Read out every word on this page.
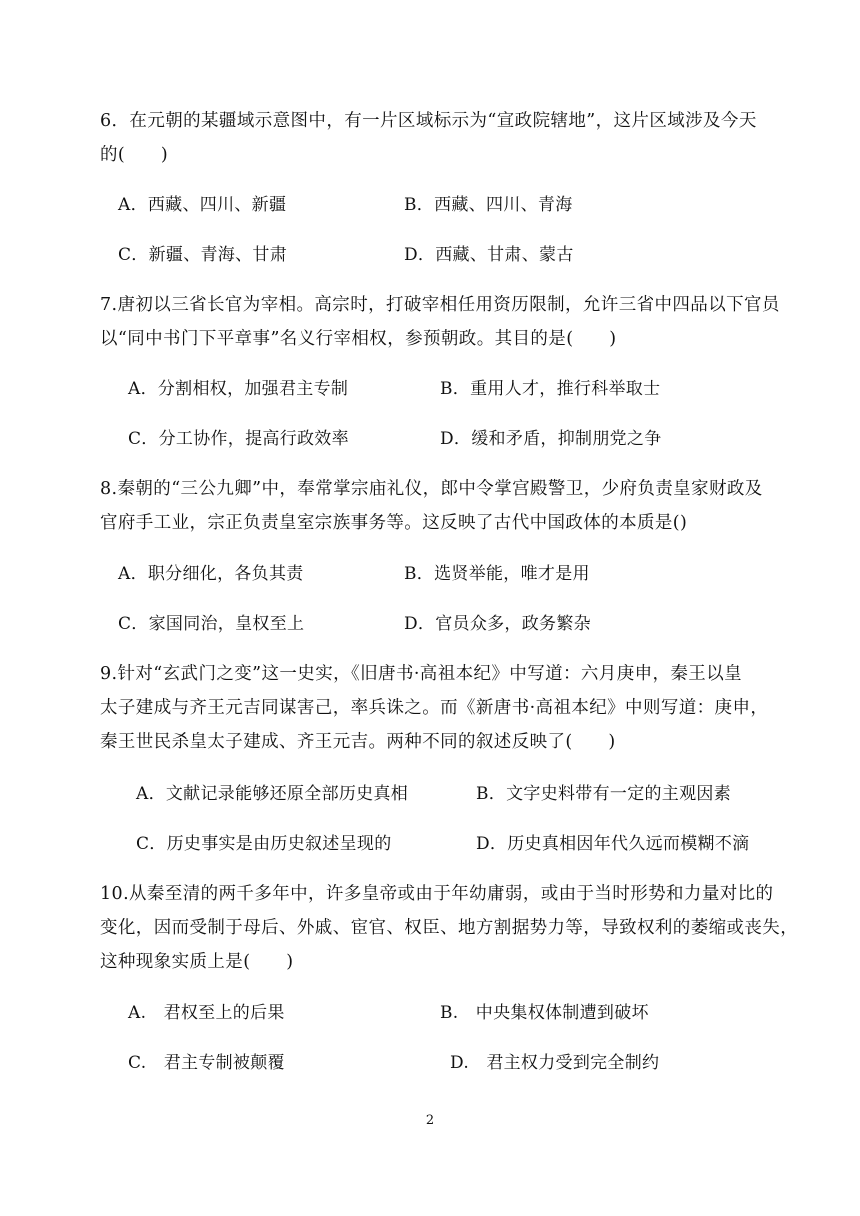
6．在元朝的某疆域示意图中，有一片区域标示为“宣政院辖地”，这片区域涉及今天
的(　　)
A．西藏、四川、新疆	B．西藏、四川、青海
C．新疆、青海、甘肃	D．西藏、甘肃、蒙古
7.唐初以三省长官为宰相。高宗时，打破宰相任用资历限制，允许三省中四品以下官员
以“同中书门下平章事”名义行宰相权，参预朝政。其目的是(　　)
A．分割相权，加强君主专制	B．重用人才，推行科举取士
C．分工协作，提高行政效率	D．缓和矛盾，抑制朋党之争
8.秦朝的“三公九卿”中，奉常掌宗庙礼仪，郎中令掌宫殿警卫，少府负责皇家财政及
官府手工业，宗正负责皇室宗族事务等。这反映了古代中国政体的本质是()
A．职分细化，各负其责	B．选贤举能，唯才是用
C．家国同治，皇权至上	D．官员众多，政务繁杂
9.针对“玄武门之变”这一史实，《旧唐书·高祖本纪》中写道：六月庚申，秦王以皇
太子建成与齐王元吉同谋害己，率兵诛之。而《新唐书·高祖本纪》中则写道：庚申，
秦王世民杀皇太子建成、齐王元吉。两种不同的叙述反映了(　　)
A．文献记录能够还原全部历史真相	B．文字史料带有一定的主观因素
C．历史事实是由历史叙述呈现的	D．历史真相因年代久远而模糊不滴
10.从秦至清的两千多年中，许多皇帝或由于年幼庸弱，或由于当时形势和力量对比的
变化，因而受制于母后、外戚、宦官、权臣、地方割据势力等，导致权利的萎缩或丧失，
这种现象实质上是(　　)
A.　君权至上的后果	B.　中央集权体制遭到破坏
C.　君主专制被颠覆	D.　君主权力受到完全制约
2
